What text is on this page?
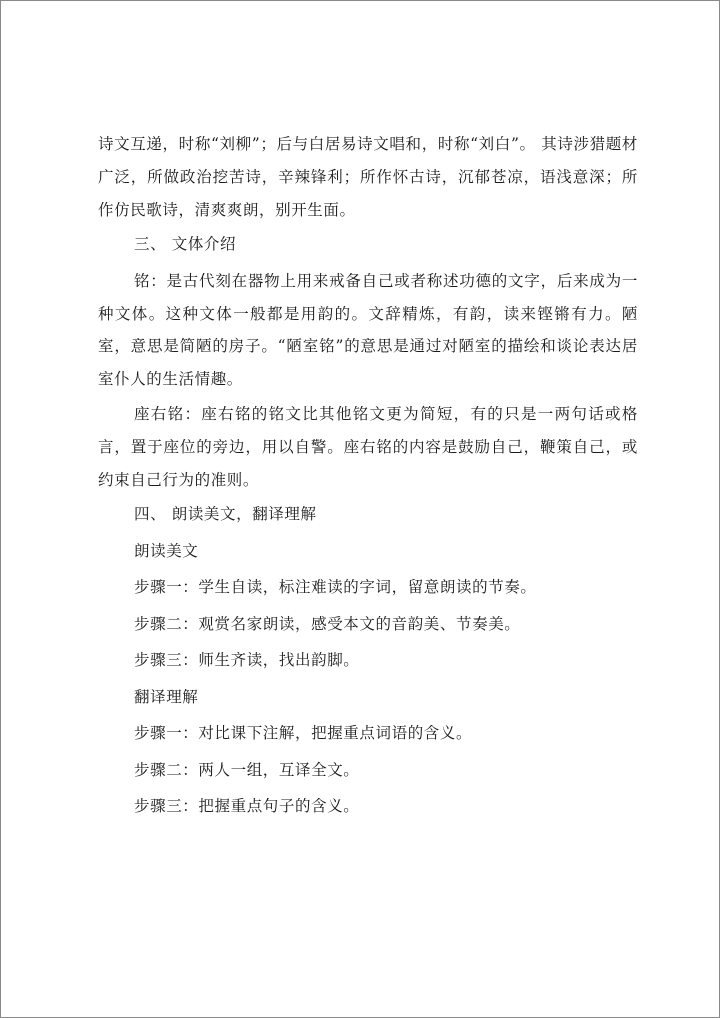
诗文互递，时称“刘柳”；后与白居易诗文唱和，时称“刘白”。 其诗涉猎题材广泛，所做政治挖苦诗，辛辣锋利；所作怀古诗，沉郁苍凉，语浅意深；所作仿民歌诗，清爽爽朗，别开生面。

三、 文体介绍

铭：是古代刻在器物上用来戒备自己或者称述功德的文字，后来成为一种文体。这种文体一般都是用韵的。文辞精炼，有韵，读来铿锵有力。陋室，意思是简陋的房子。“陋室铭”的意思是通过对陋室的描绘和谈论表达居室仆人的生活情趣。

座右铭：座右铭的铭文比其他铭文更为简短，有的只是一两句话或格言，置于座位的旁边，用以自警。座右铭的内容是鼓励自己，鞭策自己，或约束自己行为的准则。

四、 朗读美文，翻译理解

朗读美文

步骤一：学生自读，标注难读的字词，留意朗读的节奏。

步骤二：观赏名家朗读，感受本文的音韵美、节奏美。

步骤三：师生齐读，找出韵脚。

翻译理解

步骤一：对比课下注解，把握重点词语的含义。

步骤二：两人一组，互译全文。

步骤三：把握重点句子的含义。
